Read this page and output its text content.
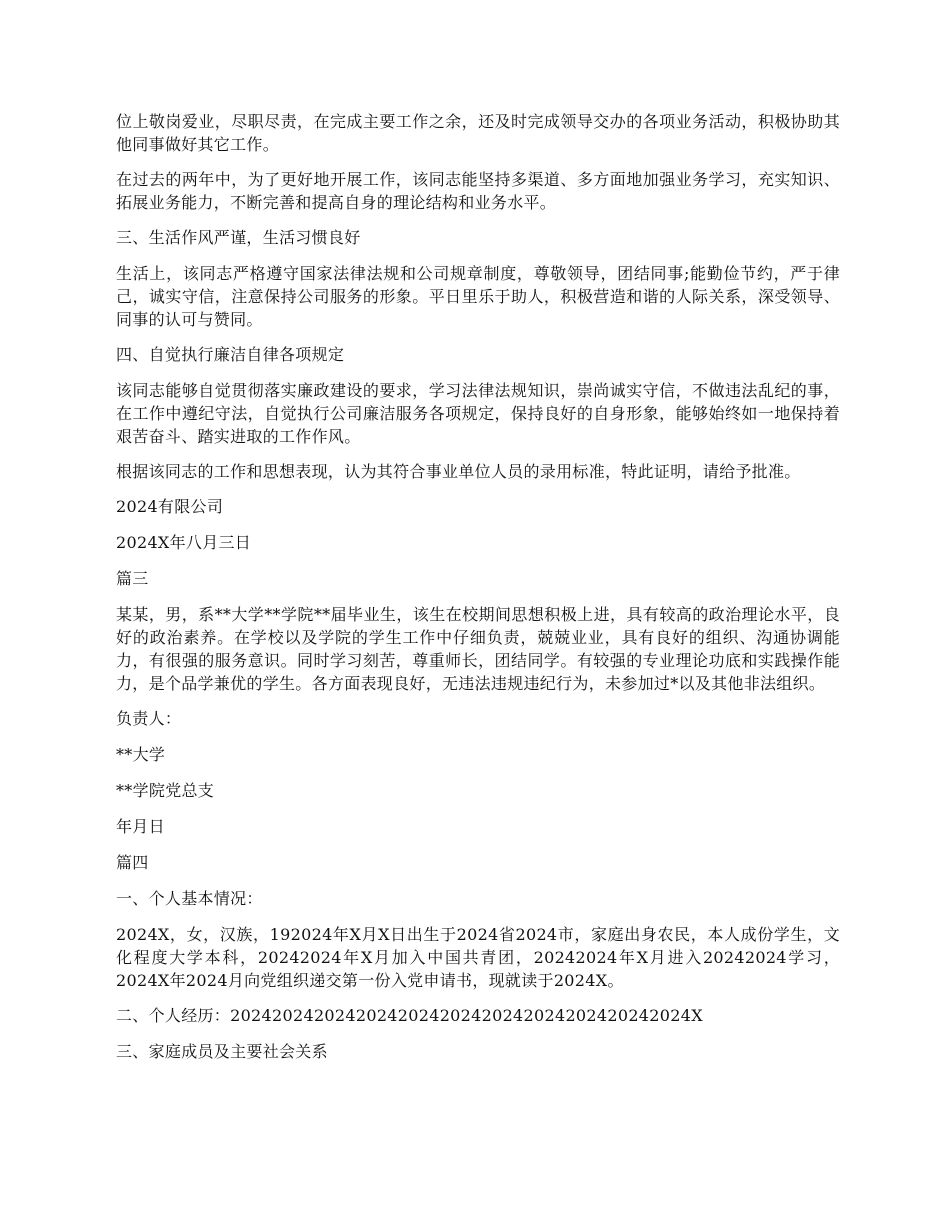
位上敬岗爱业，尽职尽责，在完成主要工作之余，还及时完成领导交办的各项业务活动，积极协助其他同事做好其它工作。

在过去的两年中，为了更好地开展工作，该同志能坚持多渠道、多方面地加强业务学习，充实知识、拓展业务能力，不断完善和提高自身的理论结构和业务水平。

三、生活作风严谨，生活习惯良好

生活上，该同志严格遵守国家法律法规和公司规章制度，尊敬领导，团结同事;能勤俭节约，严于律己，诚实守信，注意保持公司服务的形象。平日里乐于助人，积极营造和谐的人际关系，深受领导、同事的认可与赞同。

四、自觉执行廉洁自律各项规定

该同志能够自觉贯彻落实廉政建设的要求，学习法律法规知识，崇尚诚实守信，不做违法乱纪的事，在工作中遵纪守法，自觉执行公司廉洁服务各项规定，保持良好的自身形象，能够始终如一地保持着艰苦奋斗、踏实进取的工作作风。

根据该同志的工作和思想表现，认为其符合事业单位人员的录用标准，特此证明，请给予批准。

2024有限公司

2024X年八月三日

篇三

某某，男，系**大学**学院**届毕业生，该生在校期间思想积极上进，具有较高的政治理论水平，良好的政治素养。在学校以及学院的学生工作中仔细负责，兢兢业业，具有良好的组织、沟通协调能力，有很强的服务意识。同时学习刻苦，尊重师长，团结同学。有较强的专业理论功底和实践操作能力，是个品学兼优的学生。各方面表现良好，无违法违规违纪行为，未参加过*以及其他非法组织。

负责人：

**大学

**学院党总支

年月日

篇四

一、个人基本情况：

2024X，女，汉族，192024年X月X日出生于2024省2024市，家庭出身农民，本人成份学生，文化程度大学本科，20242024年X月加入中国共青团，20242024年X月进入20242024学习，2024X年2024月向党组织递交第一份入党申请书，现就读于2024X。

二、个人经历：20242024202420242024202420242024202420242024X

三、家庭成员及主要社会关系
